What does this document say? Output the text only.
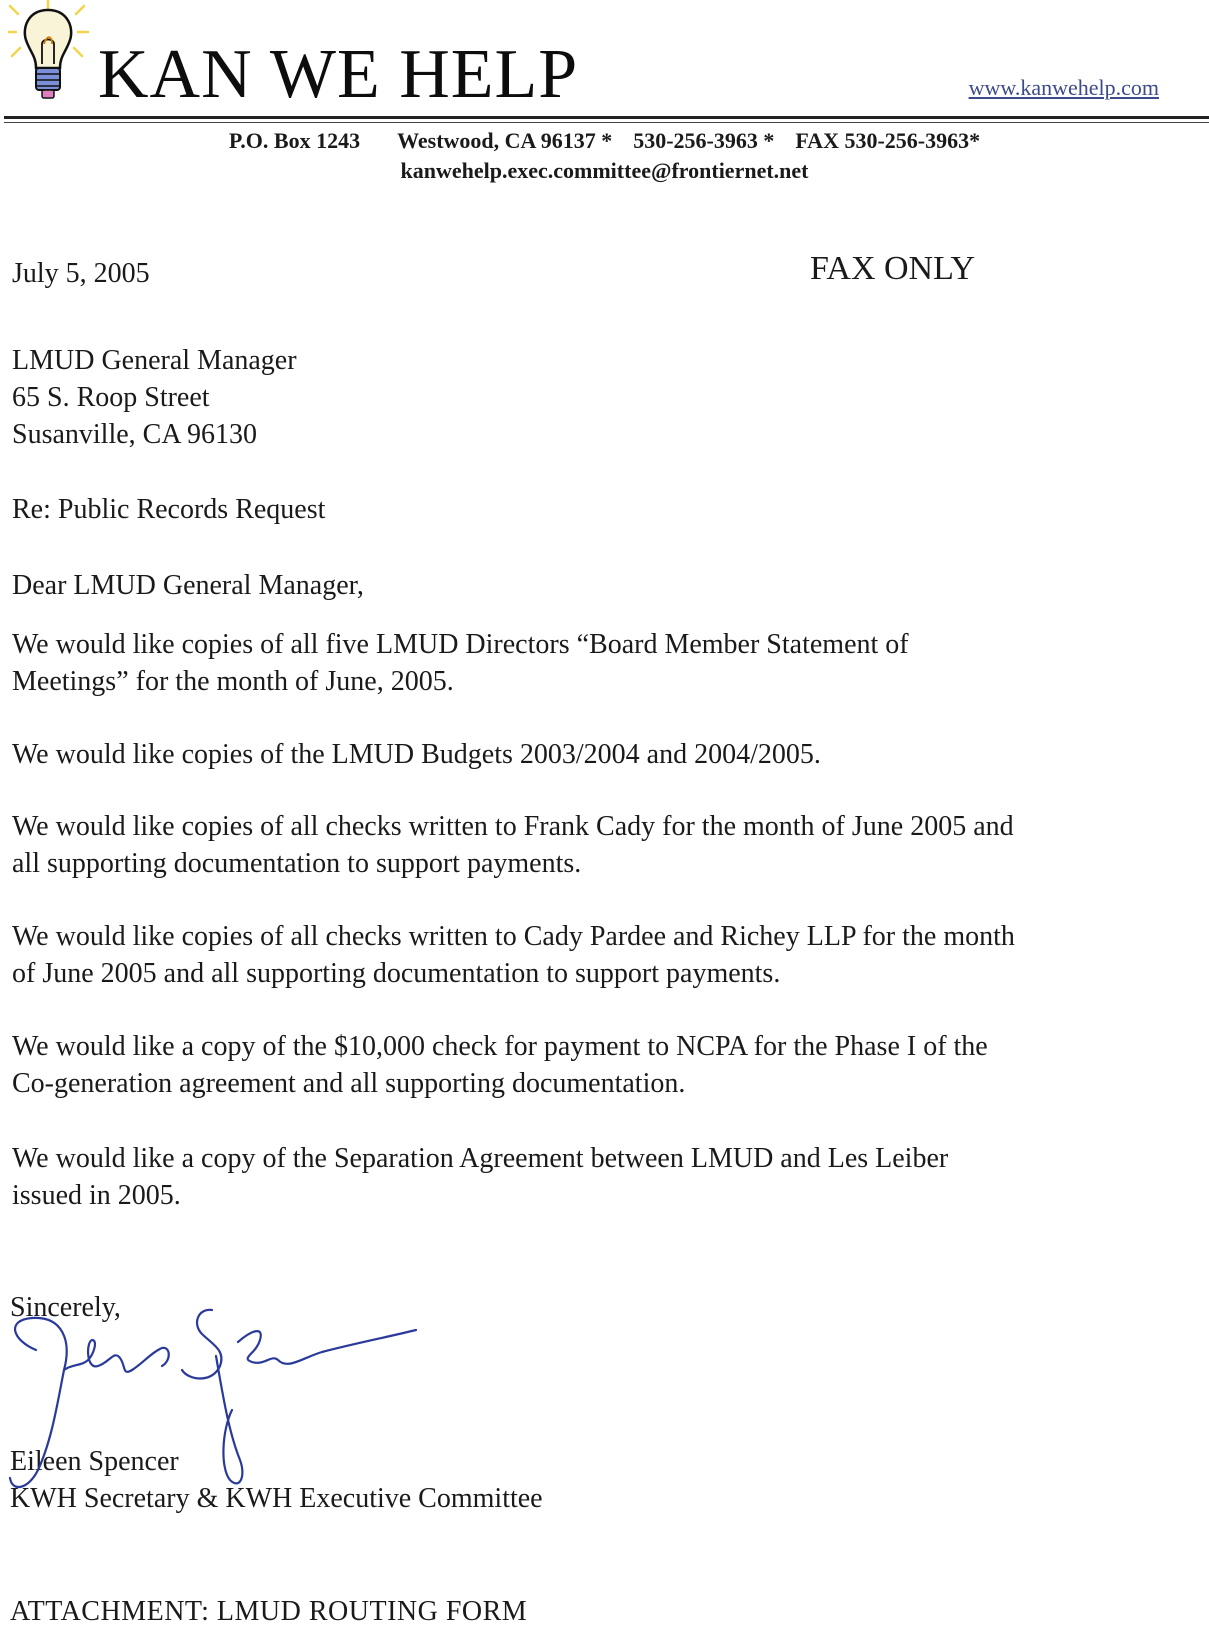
KAN WE HELP	www.kanwehelp.com
P.O. Box 1243 Westwood, CA 96137 * 530-256-3963 * FAX 530-256-3963*
kanwehelp.exec.committee@frontiernet.net
July 5, 2005	FAX ONLY
LMUD General Manager
65 S. Roop Street
Susanville, CA 96130
Re: Public Records Request
Dear LMUD General Manager,
We would like copies of all five LMUD Directors “Board Member Statement of
Meetings” for the month of June, 2005.
We would like copies of the LMUD Budgets 2003/2004 and 2004/2005.
We would like copies of all checks written to Frank Cady for the month of June 2005 and
all supporting documentation to support payments.
We would like copies of all checks written to Cady Pardee and Richey LLP for the month
of June 2005 and all supporting documentation to support payments.
We would like a copy of the $10,000 check for payment to NCPA for the Phase I of the
Co-generation agreement and all supporting documentation.
We would like a copy of the Separation Agreement between LMUD and Les Leiber
issued in 2005.
Sincerely,
Eileen Spencer
KWH Secretary & KWH Executive Committee
ATTACHMENT: LMUD ROUTING FORM
